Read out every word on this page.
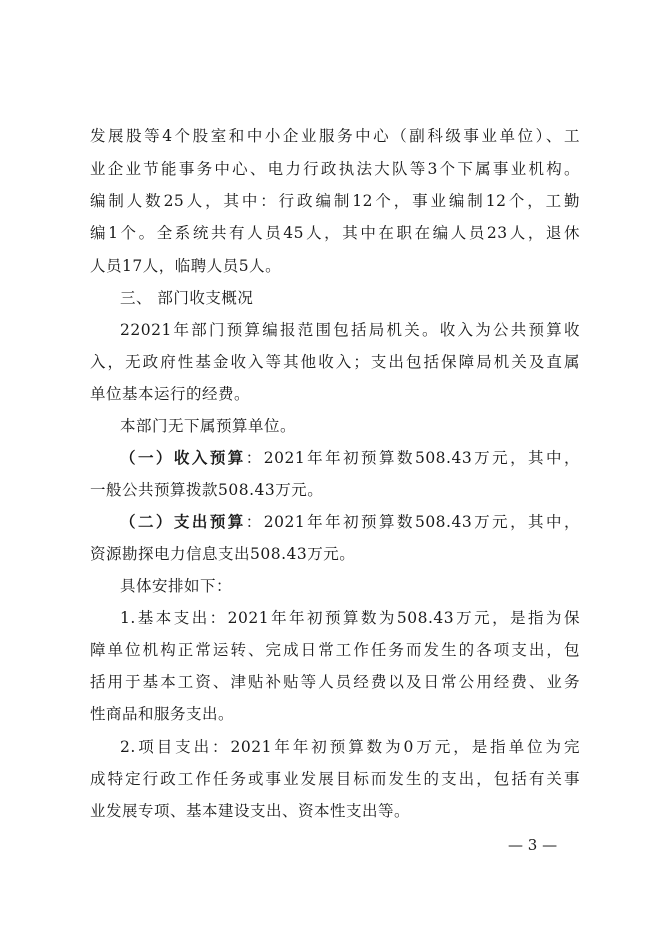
发展股等4个股室和中小企业服务中心（副科级事业单位）、工
业企业节能事务中心、电力行政执法大队等3个下属事业机构。
编制人数25人，其中：行政编制12个，事业编制12个，工勤
编1个。全系统共有人员45人，其中在职在编人员23人，退休
人员17人，临聘人员5人。
三、 部门收支概况
22021年部门预算编报范围包括局机关。收入为公共预算收
入，无政府性基金收入等其他收入；支出包括保障局机关及直属
单位基本运行的经费。
本部门无下属预算单位。
（一）收入预算：2021年年初预算数508.43万元，其中，
一般公共预算拨款508.43万元。
（二）支出预算：2021年年初预算数508.43万元，其中，
资源勘探电力信息支出508.43万元。
具体安排如下：
1.基本支出：2021年年初预算数为508.43万元，是指为保
障单位机构正常运转、完成日常工作任务而发生的各项支出，包
括用于基本工资、津贴补贴等人员经费以及日常公用经费、业务
性商品和服务支出。
2.项目支出：2021年年初预算数为0万元，是指单位为完
成特定行政工作任务或事业发展目标而发生的支出，包括有关事
业发展专项、基本建设支出、资本性支出等。
— 3 —
